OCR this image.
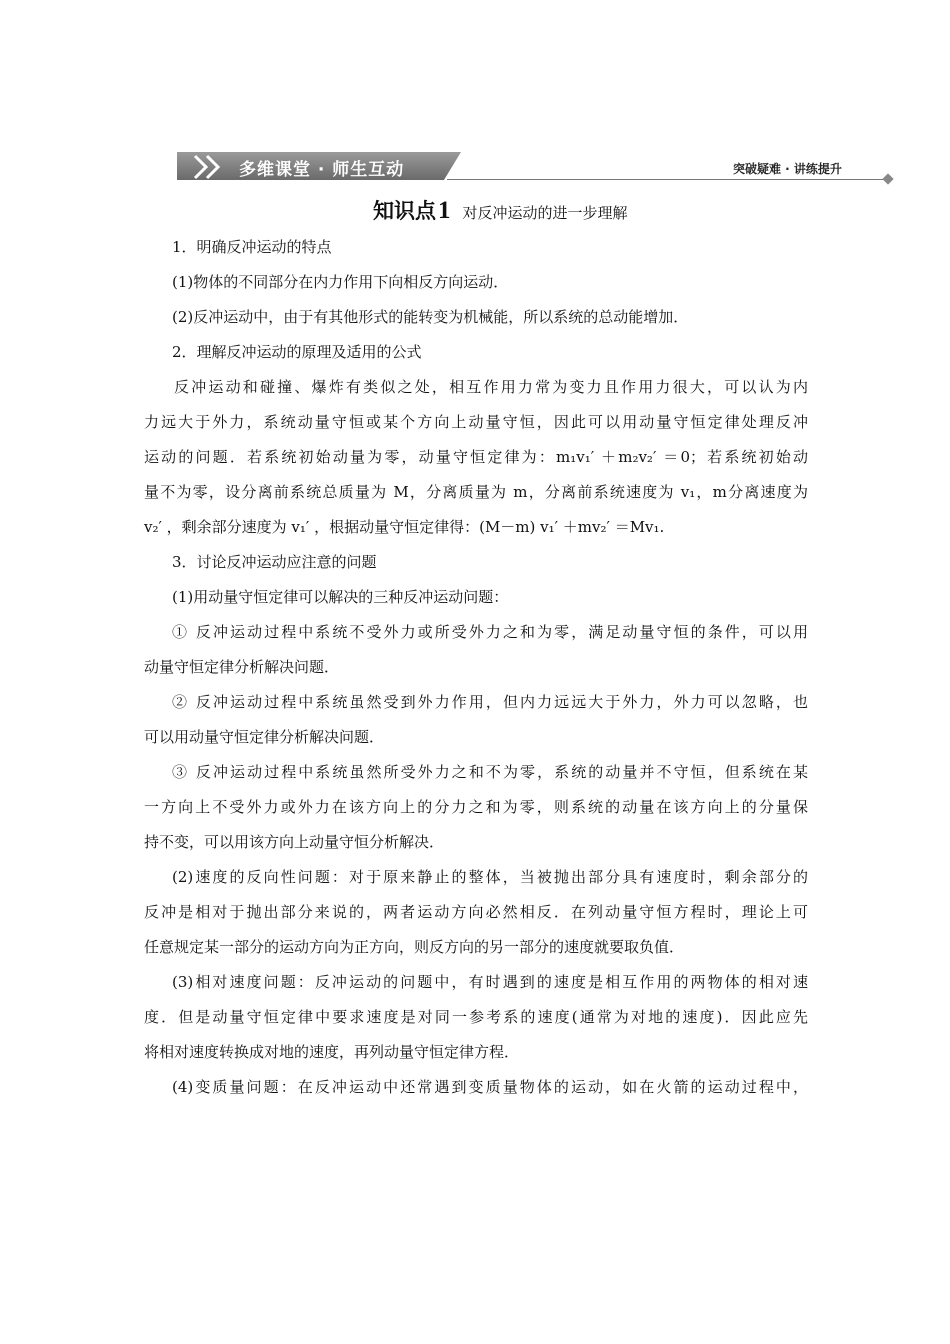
多维课堂 · 师生互动	突破疑难 · 讲练提升
知识点1 对反冲运动的进一步理解
1．明确反冲运动的特点
(1)物体的不同部分在内力作用下向相反方向运动．
(2)反冲运动中，由于有其他形式的能转变为机械能，所以系统的总动能增加．
2．理解反冲运动的原理及适用的公式
反冲运动和碰撞、爆炸有类似之处，相互作用力常为变力且作用力很大，可以认为内
力远大于外力，系统动量守恒或某个方向上动量守恒，因此可以用动量守恒定律处理反冲
运动的问题．若系统初始动量为零，动量守恒定律为：m₁v₁′ ＋m₂v₂′ ＝0；若系统初始动
量不为零，设分离前系统总质量为 M，分离质量为 m，分离前系统速度为 v₁，m分离速度为
v₂′ ，剩余部分速度为 v₁′ ，根据动量守恒定律得：(M－m) v₁′ ＋mv₂′ ＝Mv₁.
3．讨论反冲运动应注意的问题
(1)用动量守恒定律可以解决的三种反冲运动问题：
① 反冲运动过程中系统不受外力或所受外力之和为零，满足动量守恒的条件，可以用
动量守恒定律分析解决问题．
② 反冲运动过程中系统虽然受到外力作用，但内力远远大于外力，外力可以忽略，也
可以用动量守恒定律分析解决问题．
③ 反冲运动过程中系统虽然所受外力之和不为零，系统的动量并不守恒，但系统在某
一方向上不受外力或外力在该方向上的分力之和为零，则系统的动量在该方向上的分量保
持不变，可以用该方向上动量守恒分析解决．
(2)速度的反向性问题：对于原来静止的整体，当被抛出部分具有速度时，剩余部分的
反冲是相对于抛出部分来说的，两者运动方向必然相反．在列动量守恒方程时，理论上可
任意规定某一部分的运动方向为正方向，则反方向的另一部分的速度就要取负值．
(3)相对速度问题：反冲运动的问题中，有时遇到的速度是相互作用的两物体的相对速
度．但是动量守恒定律中要求速度是对同一参考系的速度(通常为对地的速度)．因此应先
将相对速度转换成对地的速度，再列动量守恒定律方程．
(4)变质量问题：在反冲运动中还常遇到变质量物体的运动，如在火箭的运动过程中，
